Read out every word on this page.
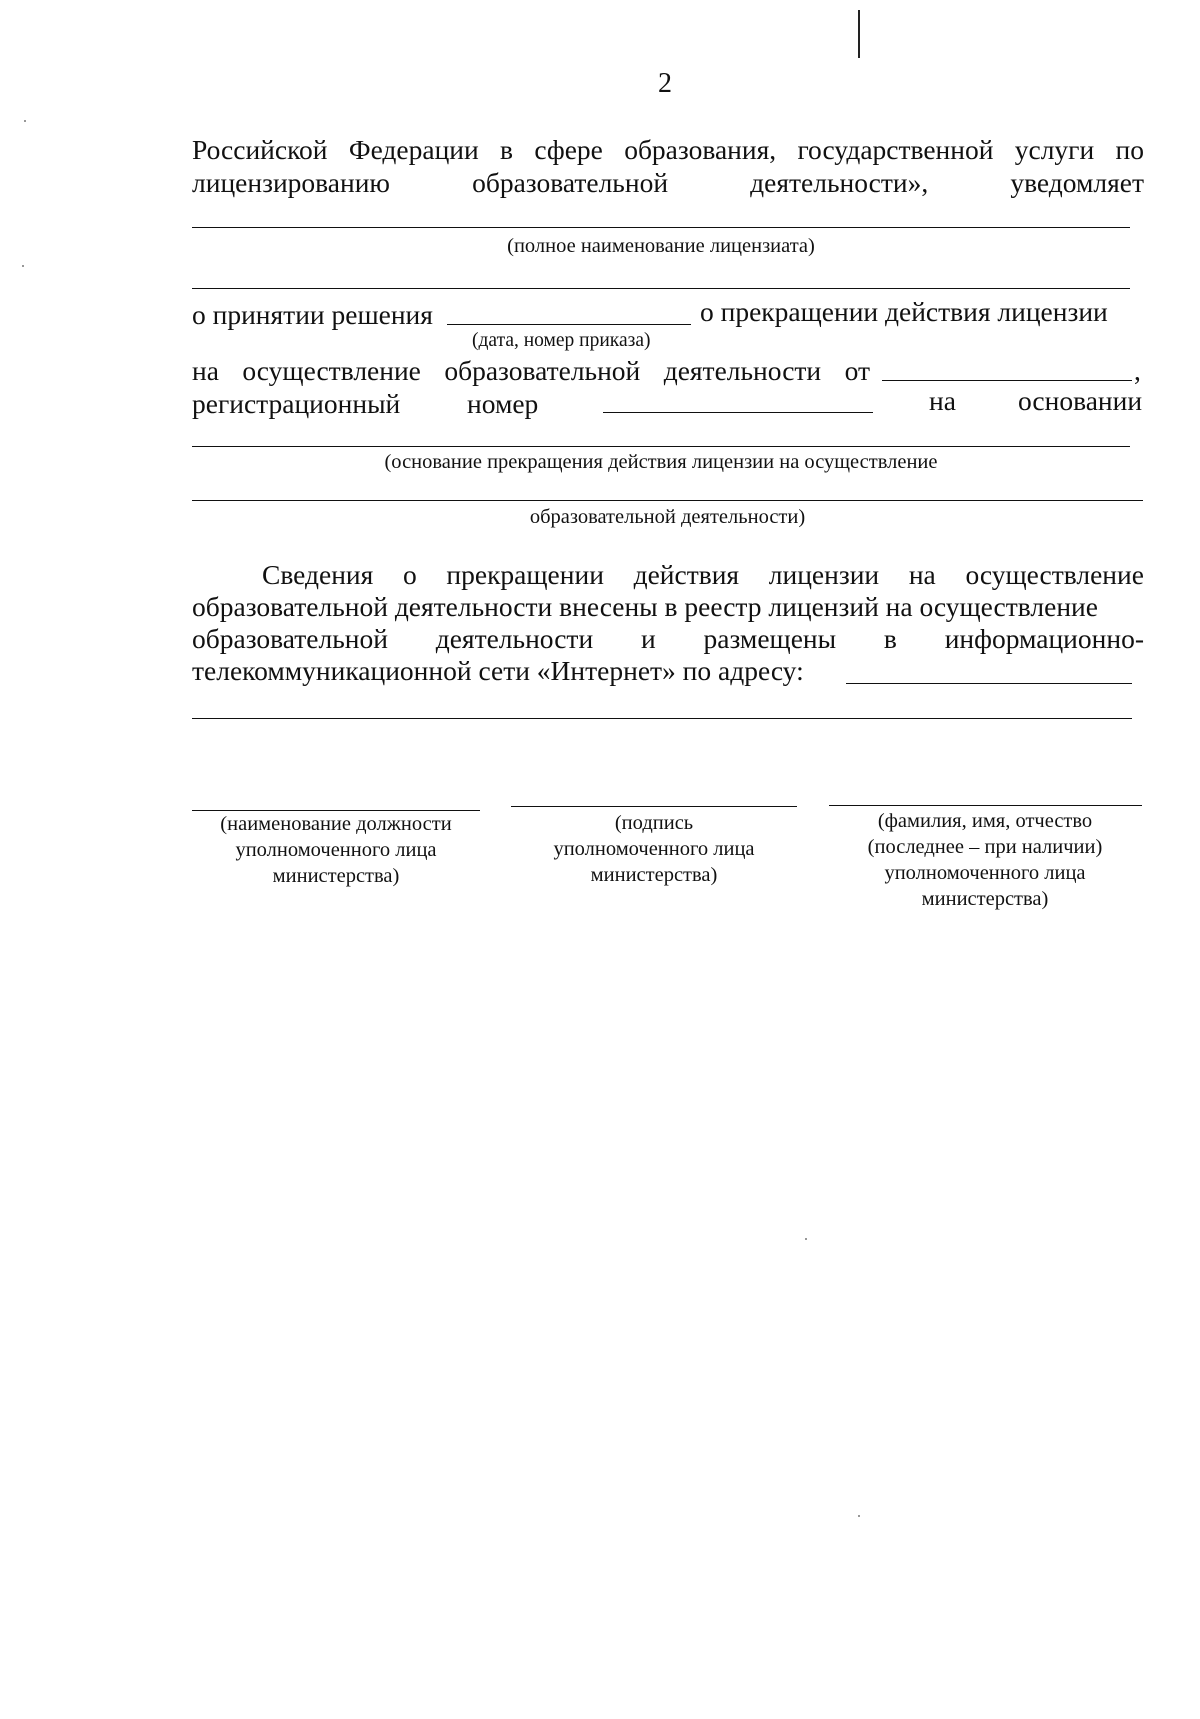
2
Российской Федерации в сфере образования, государственной услуги по
лицензированию	образовательной	деятельности»,	уведомляет
(полное наименование лицензиата)
о принятии решения	о прекращении действия лицензии
(дата, номер приказа)
на осуществление образовательной деятельности от	,
регистрационный номер	на основании
(основание прекращения действия лицензии на осуществление
образовательной деятельности)
Сведения о прекращении действия лицензии на осуществление
образовательной деятельности внесены в реестр лицензий на осуществление
образовательной деятельности и размещены в информационно-
телекоммуникационной сети «Интернет» по адресу:
(наименование должности
уполномоченного лица
министерства)
(подпись
уполномоченного лица
министерства)
(фамилия, имя, отчество
(последнее – при наличии)
уполномоченного лица
министерства)
